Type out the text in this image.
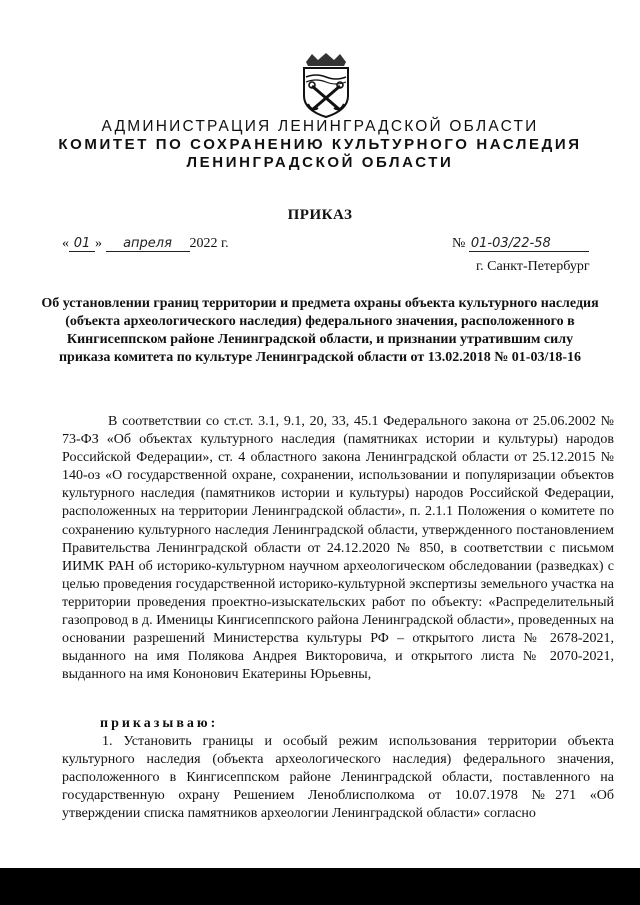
АДМИНИСТРАЦИЯ ЛЕНИНГРАДСКОЙ ОБЛАСТИ
КОМИТЕТ ПО СОХРАНЕНИЮ КУЛЬТУРНОГО НАСЛЕДИЯ
ЛЕНИНГРАДСКОЙ ОБЛАСТИ
ПРИКАЗ
« 01 » апреля 2022 г.	№ 01-03/22-58
г. Санкт-Петербург
Об установлении границ территории и предмета охраны объекта культурного наследия (объекта археологического наследия) федерального значения, расположенного в Кингисеппском районе Ленинградской области, и признании утратившим силу приказа комитета по культуре Ленинградской области от 13.02.2018 № 01-03/18-16
В соответствии со ст.ст. 3.1, 9.1, 20, 33, 45.1 Федерального закона от 25.06.2002 № 73-ФЗ «Об объектах культурного наследия (памятниках истории и культуры) народов Российской Федерации», ст. 4 областного закона Ленинградской области от 25.12.2015 № 140-оз «О государственной охране, сохранении, использовании и популяризации объектов культурного наследия (памятников истории и культуры) народов Российской Федерации, расположенных на территории Ленинградской области», п. 2.1.1 Положения о комитете по сохранению культурного наследия Ленинградской области, утвержденного постановлением Правительства Ленинградской области от 24.12.2020 № 850, в соответствии с письмом ИИМК РАН об историко-культурном научном археологическом обследовании (разведках) с целью проведения государственной историко-культурной экспертизы земельного участка на территории проведения проектно-изыскательских работ по объекту: «Распределительный газопровод в д. Именицы Кингисеппского района Ленинградской области», проведенных на основании разрешений Министерства культуры РФ – открытого листа № 2678-2021, выданного на имя Полякова Андрея Викторовича, и открытого листа № 2070-2021, выданного на имя Кононович Екатерины Юрьевны,
приказываю:
1. Установить границы и особый режим использования территории объекта культурного наследия (объекта археологического наследия) федерального значения, расположенного в Кингисеппском районе Ленинградской области, поставленного на государственную охрану Решением Леноблисполкома от 10.07.1978 №271 «Об утверждении списка памятников археологии Ленинградской области» согласно
